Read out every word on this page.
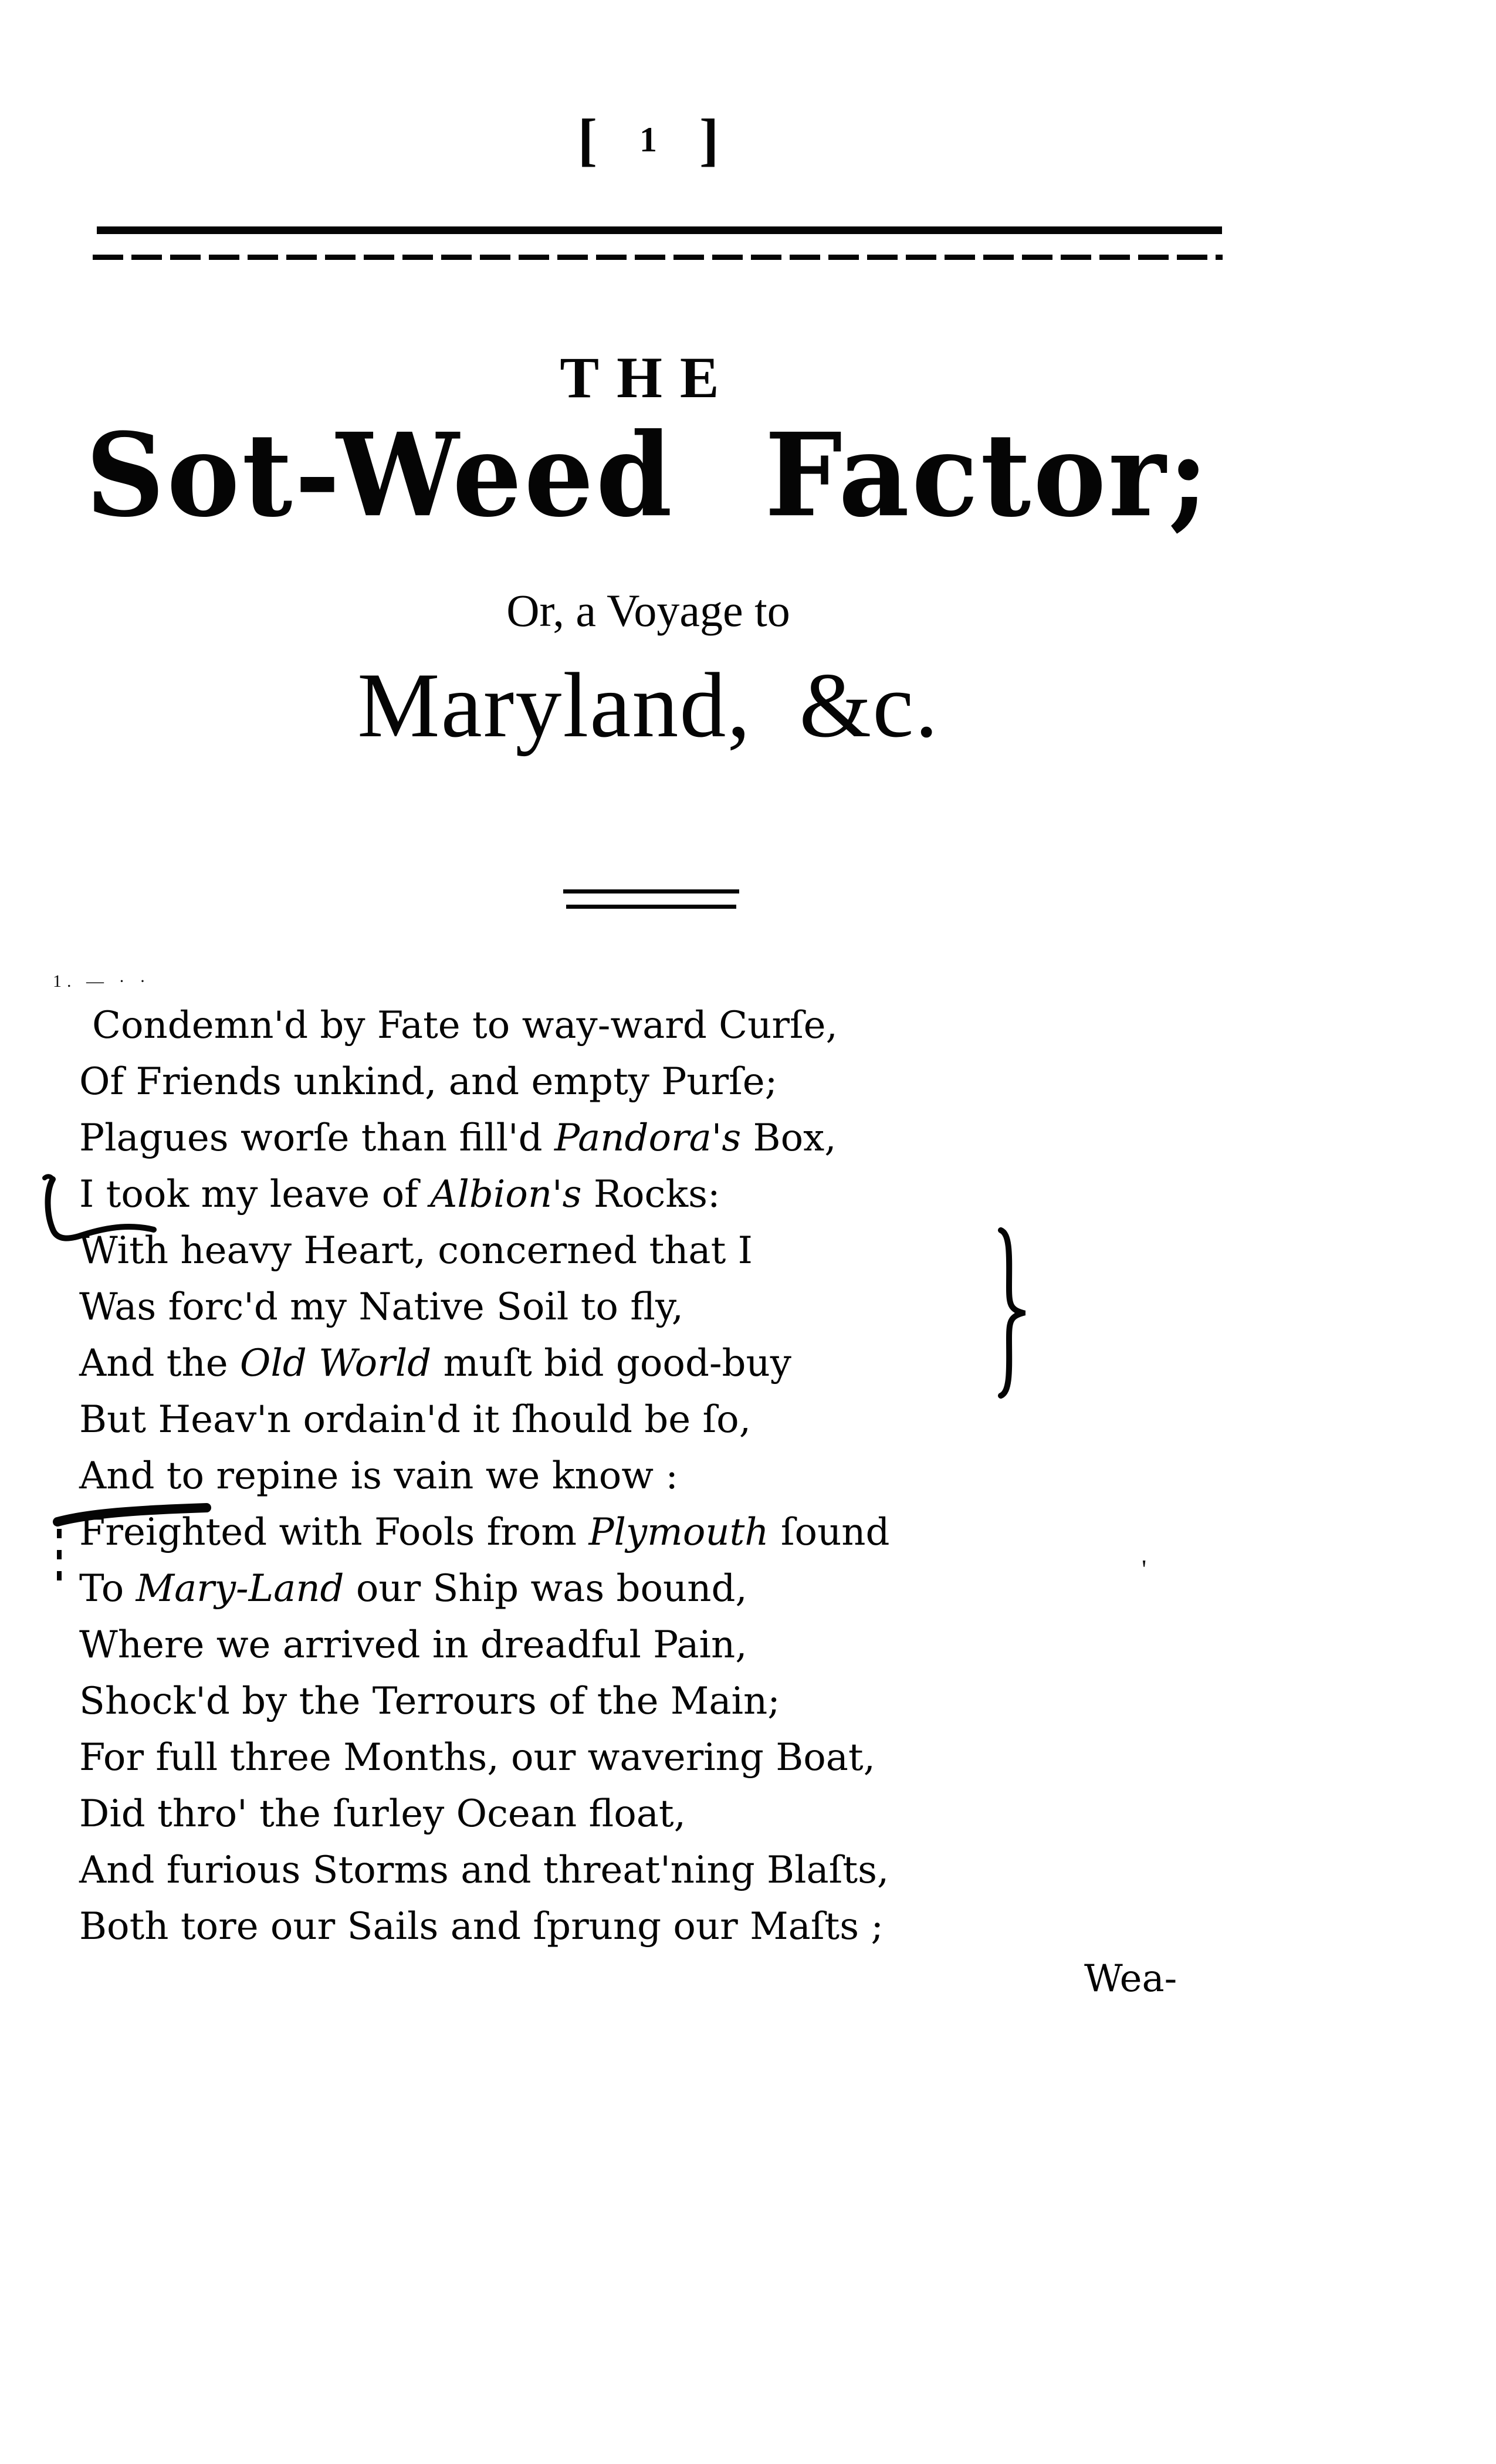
[ 1 ]
THE
Sot-Weed Factor;
Or, a Voyage to
Maryland, &c.
1. — · ·
Condemn'd by Fate to way-ward Curſe,
Of Friends unkind, and empty Purſe;
Plagues worſe than fill'd Pandora's Box,
I took my leave of Albion's Rocks:
With heavy Heart, concerned that I
Was forc'd my Native Soil to fly,
And the Old World muſt bid good-buy
But Heav'n ordain'd it ſhould be ſo,
And to repine is vain we know :
Freighted with Fools from Plymouth ſound
To Mary-Land our Ship was bound,
Where we arrived in dreadful Pain,
Shock'd by the Terrours of the Main;
For full three Months, our wavering Boat,
Did thro' the ſurley Ocean float,
And furious Storms and threat'ning Blaſts,
Both tore our Sails and ſprung our Maſts ;
'
Wea-
